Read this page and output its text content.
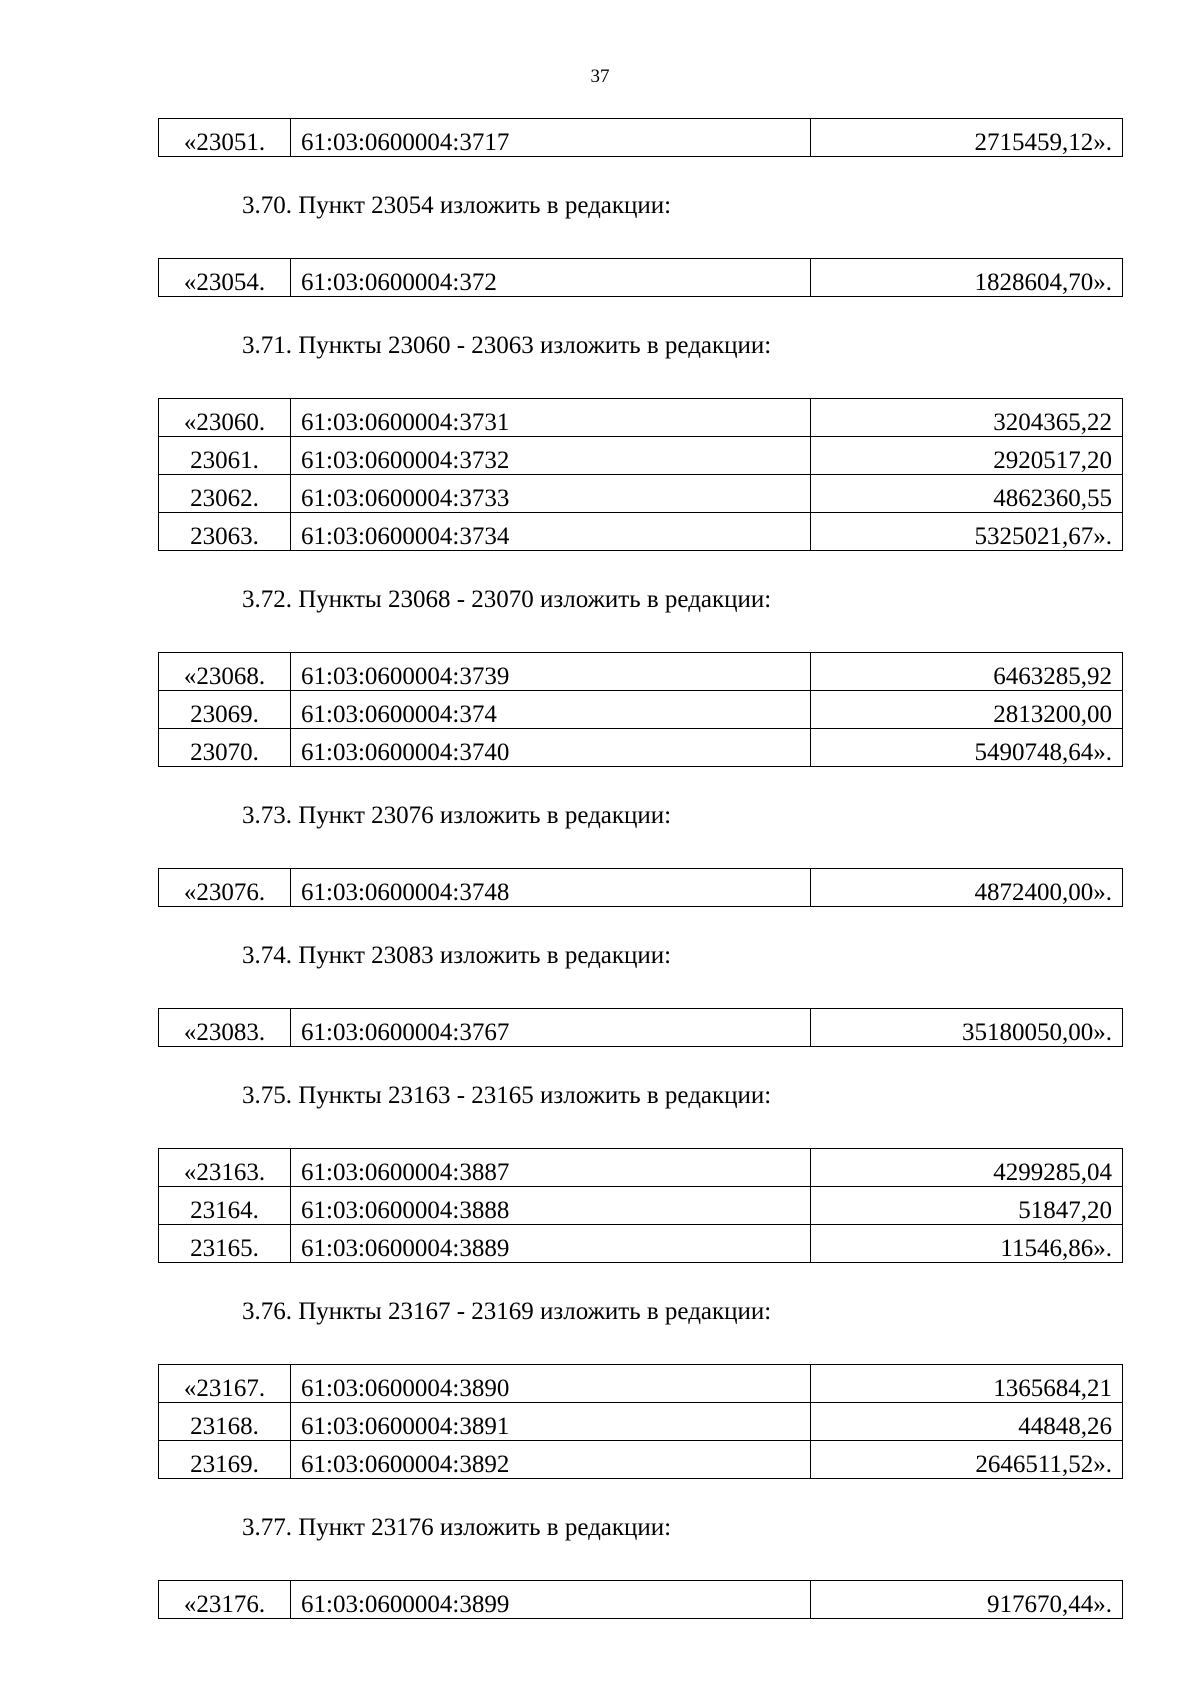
37
«23051.	61:03:0600004:3717	2715459,12».
3.70. Пункт 23054 изложить в редакции:
«23054.	61:03:0600004:372	1828604,70».
3.71. Пункты 23060 - 23063 изложить в редакции:
«23060.	61:03:0600004:3731	3204365,22
23061.	61:03:0600004:3732	2920517,20
23062.	61:03:0600004:3733	4862360,55
23063.	61:03:0600004:3734	5325021,67».
3.72. Пункты 23068 - 23070 изложить в редакции:
«23068.	61:03:0600004:3739	6463285,92
23069.	61:03:0600004:374	2813200,00
23070.	61:03:0600004:3740	5490748,64».
3.73. Пункт 23076 изложить в редакции:
«23076.	61:03:0600004:3748	4872400,00».
3.74. Пункт 23083 изложить в редакции:
«23083.	61:03:0600004:3767	35180050,00».
3.75. Пункты 23163 - 23165 изложить в редакции:
«23163.	61:03:0600004:3887	4299285,04
23164.	61:03:0600004:3888	51847,20
23165.	61:03:0600004:3889	11546,86».
3.76. Пункты 23167 - 23169 изложить в редакции:
«23167.	61:03:0600004:3890	1365684,21
23168.	61:03:0600004:3891	44848,26
23169.	61:03:0600004:3892	2646511,52».
3.77. Пункт 23176 изложить в редакции:
«23176.	61:03:0600004:3899	917670,44».
